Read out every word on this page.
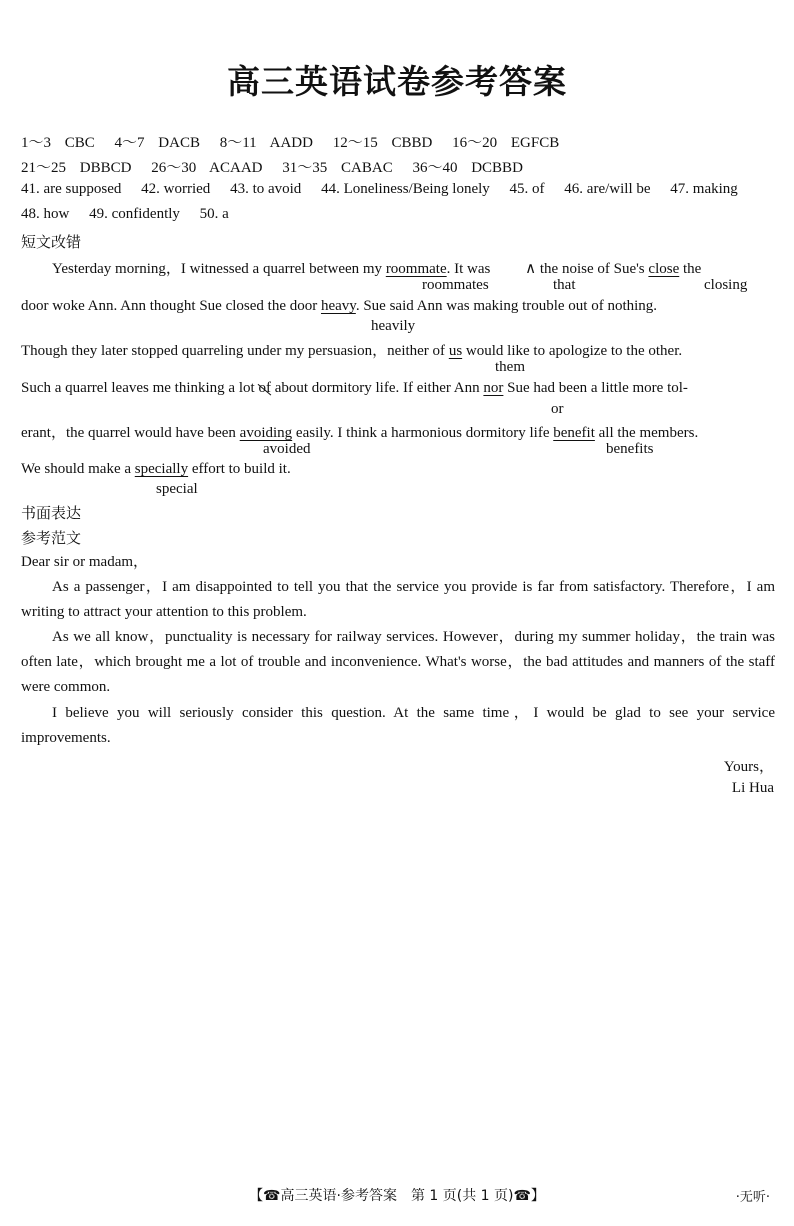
高三英语试卷参考答案
1～3 CBC 4～7 DACB 8～11 AADD 12～15 CBBD 16～20 EGFCB
21～25 DBBCD 26～30 ACAAD 31～35 CABAC 36～40 DCBBD
41. are supposed 42. worried 43. to avoid 44. Loneliness/Being lonely 45. of 46. are/will be 47. making
48. how 49. confidently 50. a
短文改错
Yesterday morning，I witnessed a quarrel between my roommate. It was ∧ the noise of Sue's close the
roommates	that	closing
door woke Ann. Ann thought Sue closed the door heavy. Sue said Ann was making trouble out of nothing.
heavily
Though they later stopped quarreling under my persuasion，neither of us would like to apologize to the other.
them
Such a quarrel leaves me thinking a lot of about dormitory life. If either Ann nor Sue had been a little more tol-
or
erant，the quarrel would have been avoiding easily. I think a harmonious dormitory life benefit all the members.
avoided	benefits
We should make a specially effort to build it.
special
书面表达
参考范文
Dear sir or madam，
As a passenger，I am disappointed to tell you that the service you provide is far from satisfactory. Therefore，I am writing to attract your attention to this problem.
As we all know，punctuality is necessary for railway services. However，during my summer holiday，the train was often late，which brought me a lot of trouble and inconvenience. What's worse，the bad attitudes and manners of the staff were common.
I believe you will seriously consider this question. At the same time，I would be glad to see your service improvements.
Yours，
Li Hua
【☎高三英语·参考答案　第 1 页(共 1 页)☎】	·无听·
